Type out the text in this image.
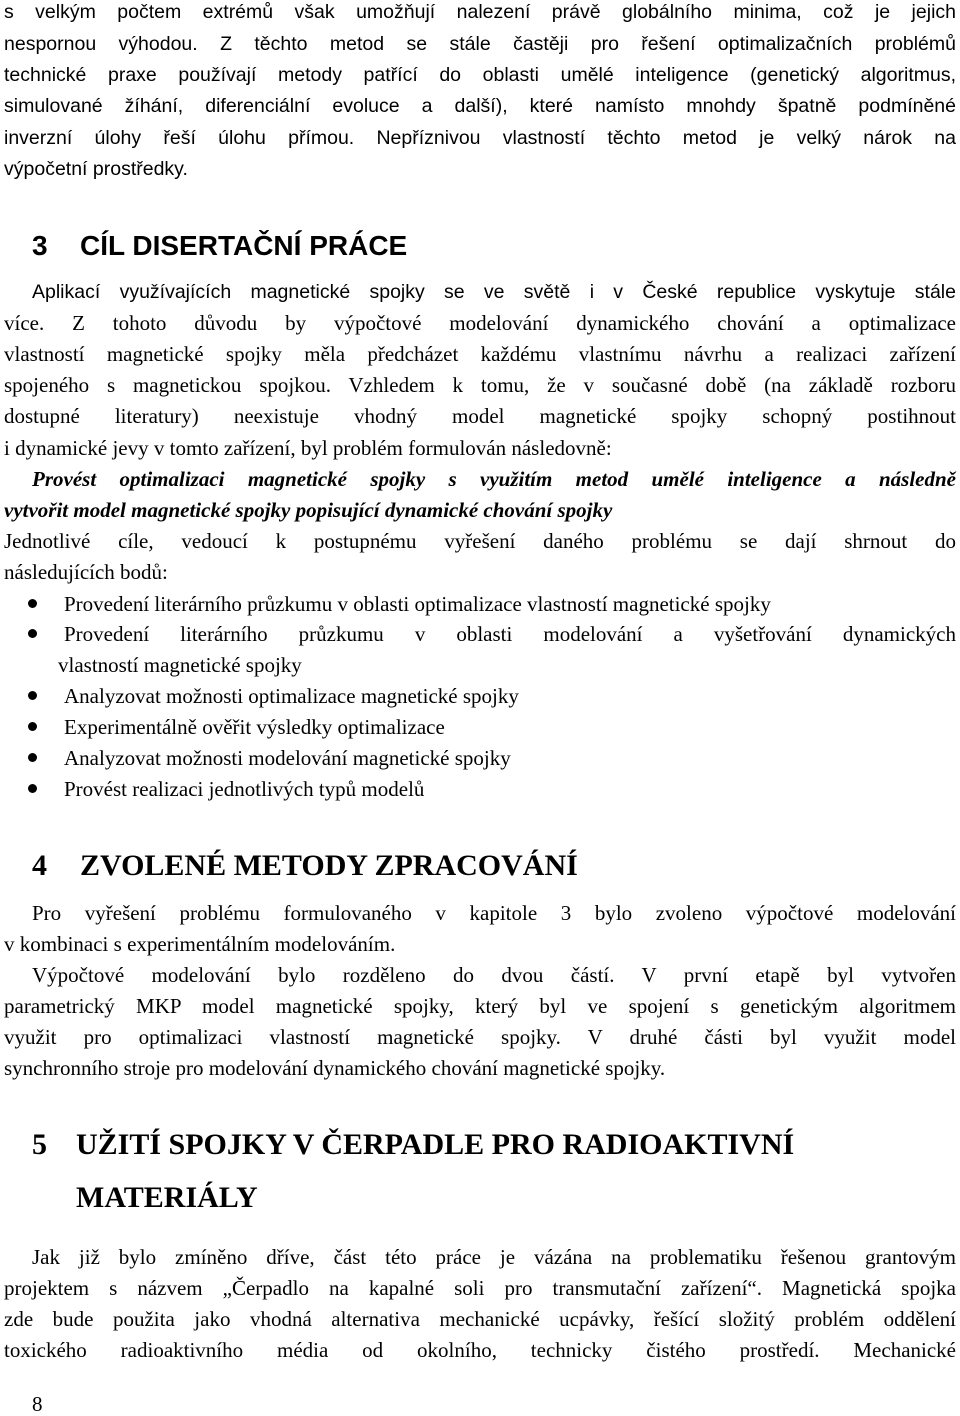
s velkým počtem extrémů však umožňují nalezení právě globálního minima, což je jejich
nespornou výhodou. Z těchto metod se stále častěji pro řešení optimalizačních problémů
technické praxe používají metody patřící do oblasti umělé inteligence (genetický algoritmus,
simulované žíhání, diferenciální evoluce a další), které namísto mnohdy špatně podmíněné
inverzní úlohy řeší úlohu přímou. Nepříznivou vlastností těchto metod je velký nárok na
výpočetní prostředky.
3 CÍL DISERTAČNÍ PRÁCE
Aplikací využívajících magnetické spojky se ve světě i v České republice vyskytuje stále
více. Z tohoto důvodu by výpočtové modelování dynamického chování a optimalizace
vlastností magnetické spojky měla předcházet každému vlastnímu návrhu a realizaci zařízení
spojeného s magnetickou spojkou. Vzhledem k tomu, že v současné době (na základě rozboru
dostupné literatury) neexistuje vhodný model magnetické spojky schopný postihnout
i dynamické jevy v tomto zařízení, byl problém formulován následovně:
Provést optimalizaci magnetické spojky s využitím metod umělé inteligence a následně
vytvořit model magnetické spojky popisující dynamické chování spojky
Jednotlivé cíle, vedoucí k postupnému vyřešení daného problému se dají shrnout do
následujících bodů:
Provedení literárního průzkumu v oblasti optimalizace vlastností magnetické spojky
Provedení literárního průzkumu v oblasti modelování a vyšetřování dynamických
vlastností magnetické spojky
Analyzovat možnosti optimalizace magnetické spojky
Experimentálně ověřit výsledky optimalizace
Analyzovat možnosti modelování magnetické spojky
Provést realizaci jednotlivých typů modelů
4 ZVOLENÉ METODY ZPRACOVÁNÍ
Pro vyřešení problému formulovaného v kapitole 3 bylo zvoleno výpočtové modelování
v kombinaci s experimentálním modelováním.
Výpočtové modelování bylo rozděleno do dvou částí. V první etapě byl vytvořen
parametrický MKP model magnetické spojky, který byl ve spojení s genetickým algoritmem
využit pro optimalizaci vlastností magnetické spojky. V druhé části byl využit model
synchronního stroje pro modelování dynamického chování magnetické spojky.
5 UŽITÍ SPOJKY V ČERPADLE PRO RADIOAKTIVNÍ
MATERIÁLY
Jak již bylo zmíněno dříve, část této práce je vázána na problematiku řešenou grantovým
projektem s názvem „Čerpadlo na kapalné soli pro transmutační zařízení“. Magnetická spojka
zde bude použita jako vhodná alternativa mechanické ucpávky, řešící složitý problém oddělení
toxického radioaktivního média od okolního, technicky čistého prostředí. Mechanické
8
